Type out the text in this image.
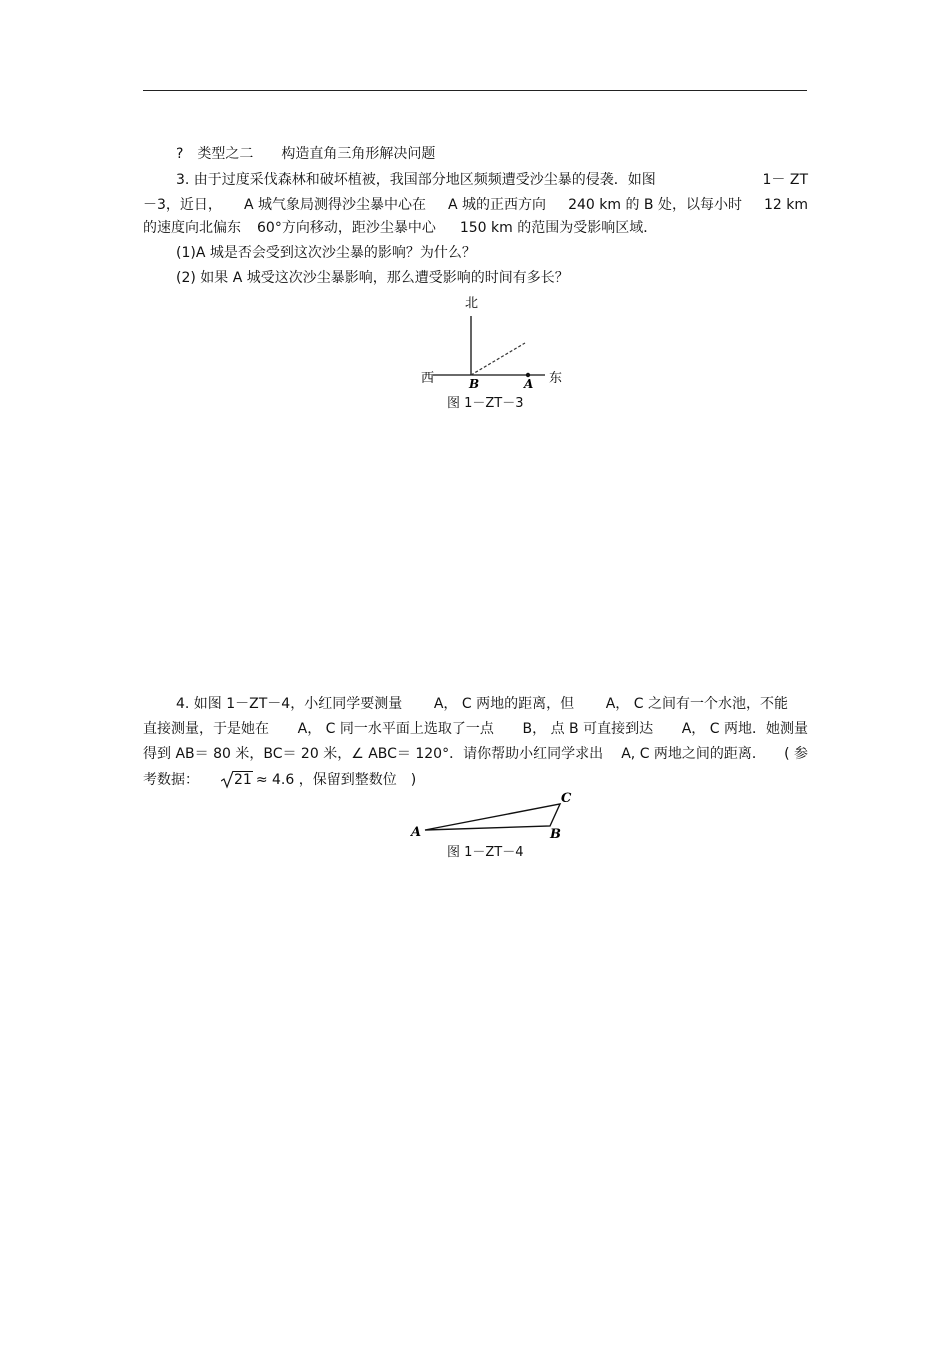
?　类型之二　　构造直角三角形解决问题
3. 由于过度采伐森林和破坏植被，我国部分地区频频遭受沙尘暴的侵袭．如图	1－ ZT
－3，近日， A 城气象局测得沙尘暴中心在 A 城的正西方向 240 km 的 B 处，以每小时 12 km
的速度向北偏东 60°方向移动，距沙尘暴中心 150 km 的范围为受影响区域．
(1)A 城是否会受到这次沙尘暴的影响？为什么？
(2) 如果 A 城受这次沙尘暴影响，那么遭受影响的时间有多长？
北
西	东
B	A
图 1－ZT－3
4. 如图 1－ZT－4，小红同学要测量 A， C 两地的距离，但 A， C 之间有一个水池，不能
直接测量，于是她在 A， C 同一水平面上选取了一点 B， 点 B 可直接到达 A， C 两地．她测量
得到 AB＝ 80 米，BC＝ 20 米，∠ ABC＝ 120°．请你帮助小红同学求出 A, C 两地之间的距离． ( 参
考数据：	21 ≈ 4.6 ，保留到整数位　)
A	B
C
图 1－ZT－4
